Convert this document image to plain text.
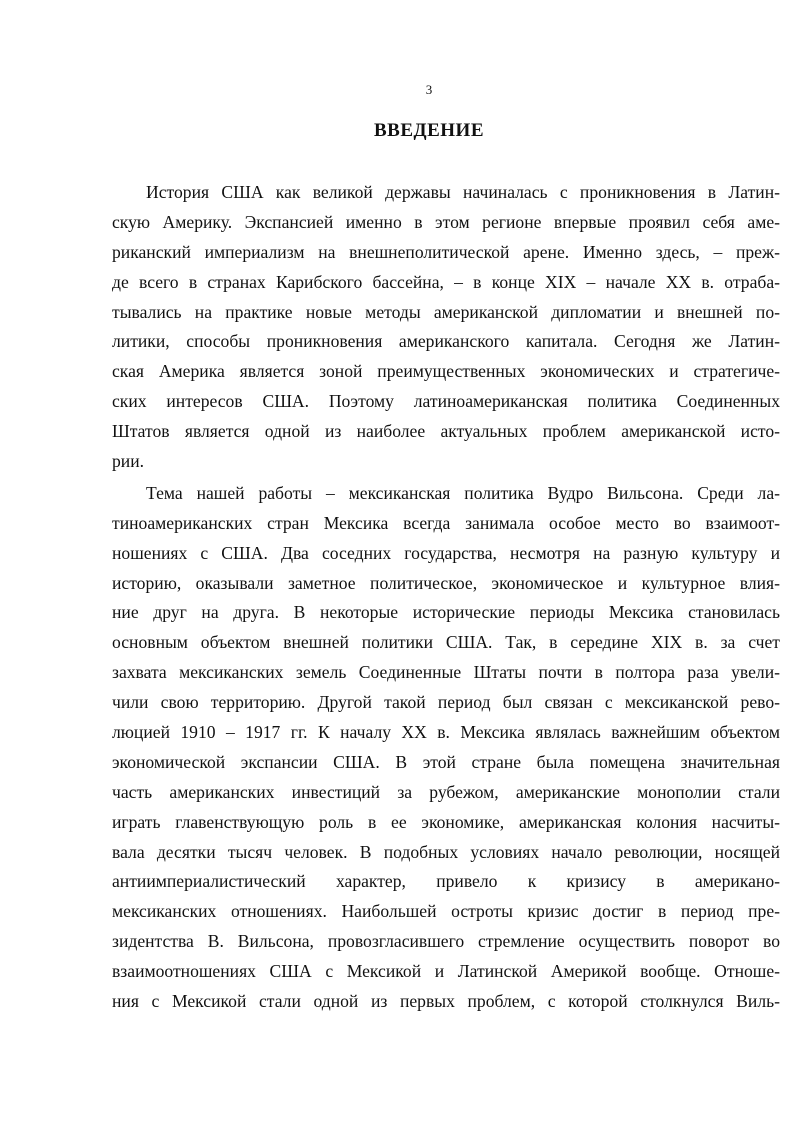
3
ВВЕДЕНИЕ
История США как великой державы начиналась с проникновения в Латин-
скую Америку. Экспансией именно в этом регионе впервые проявил себя аме-
риканский империализм на внешнеполитической арене. Именно здесь, – преж-
де всего в странах Карибского бассейна, – в конце XIX – начале XX в. отраба-
тывались на практике новые методы американской дипломатии и внешней по-
литики, способы проникновения американского капитала. Сегодня же Латин-
ская Америка является зоной преимущественных экономических и стратегиче-
ских интересов США. Поэтому латиноамериканская политика Соединенных
Штатов является одной из наиболее актуальных проблем американской исто-
рии.
Тема нашей работы – мексиканская политика Вудро Вильсона. Среди ла-
тиноамериканских стран Мексика всегда занимала особое место во взаимоот-
ношениях с США. Два соседних государства, несмотря на разную культуру и
историю, оказывали заметное политическое, экономическое и культурное влия-
ние друг на друга. В некоторые исторические периоды Мексика становилась
основным объектом внешней политики США. Так, в середине XIX в. за счет
захвата мексиканских земель Соединенные Штаты почти в полтора раза увели-
чили свою территорию. Другой такой период был связан с мексиканской рево-
люцией 1910 – 1917 гг. К началу XX в. Мексика являлась важнейшим объектом
экономической экспансии США. В этой стране была помещена значительная
часть американских инвестиций за рубежом, американские монополии стали
играть главенствующую роль в ее экономике, американская колония насчиты-
вала десятки тысяч человек. В подобных условиях начало революции, носящей
антиимпериалистический характер, привело к кризису в американо-
мексиканских отношениях. Наибольшей остроты кризис достиг в период пре-
зидентства В. Вильсона, провозгласившего стремление осуществить поворот во
взаимоотношениях США с Мексикой и Латинской Америкой вообще. Отноше-
ния с Мексикой стали одной из первых проблем, с которой столкнулся Виль-
